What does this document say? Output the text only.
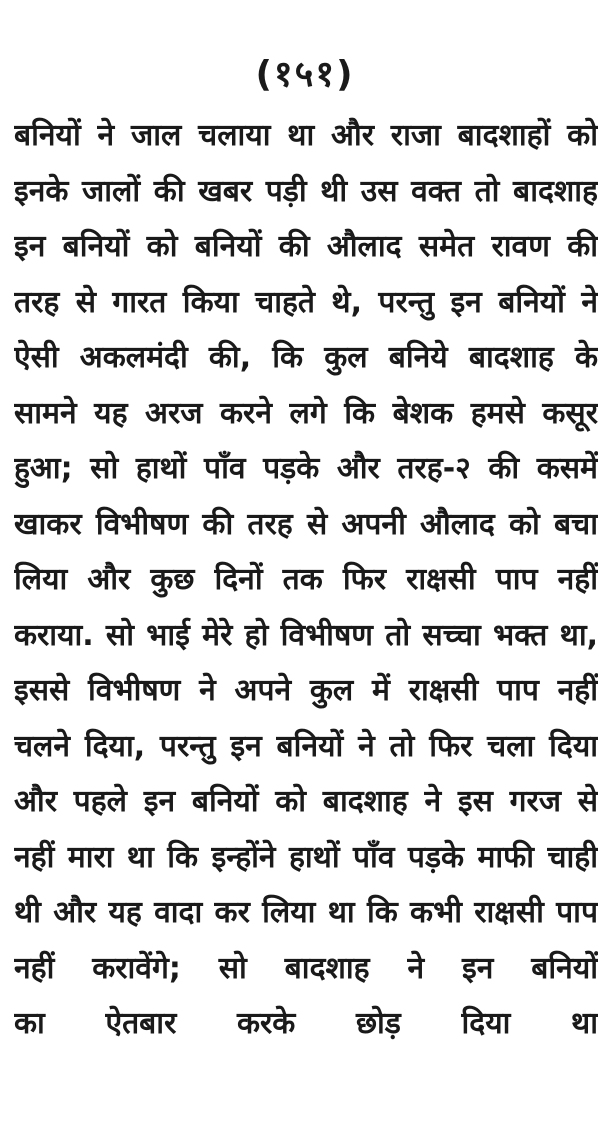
(१५१)
बनियों ने जाल चलाया था और राजा बादशाहों को
इनके जालों की खबर पड़ी थी उस वक्त तो बादशाह
इन बनियों को बनियों की औलाद समेत रावण की
तरह से गारत किया चाहते थे, परन्तु इन बनियों ने
ऐसी अकलमंदी की, कि कुल बनिये बादशाह के
सामने यह अरज करने लगे कि बेशक हमसे कसूर
हुआ; सो हाथों पाँव पड़के और तरह-२ की कसमें
खाकर विभीषण की तरह से अपनी औलाद को बचा
लिया और कुछ दिनों तक फिर राक्षसी पाप नहीं
कराया. सो भाई मेरे हो विभीषण तो सच्चा भक्त था,
इससे विभीषण ने अपने कुल में राक्षसी पाप नहीं
चलने दिया, परन्तु इन बनियों ने तो फिर चला दिया
और पहले इन बनियों को बादशाह ने इस गरज से
नहीं मारा था कि इन्होंने हाथों पाँव पड़के माफी चाही
थी और यह वादा कर लिया था कि कभी राक्षसी पाप
नहीं करावेंगे; सो बादशाह ने इन बनियों
का ऐतबार करके छोड़ दिया था
